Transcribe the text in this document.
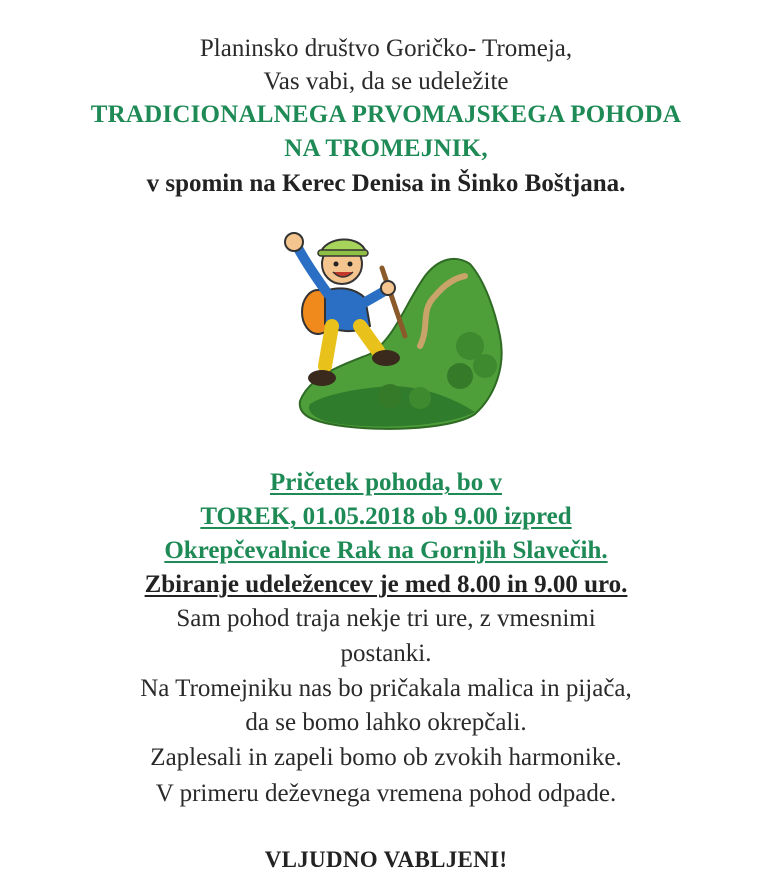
Planinsko društvo Goričko- Tromeja,
Vas vabi, da se udeležite
TRADICIONALNEGA PRVOMAJSKEGA POHODA
NA TROMEJNIK,
v spomin na Kerec Denisa in Šinko Boštjana.
Pričetek pohoda, bo v
TOREK, 01.05.2018 ob 9.00 izpred
Okrepčevalnice Rak na Gornjih Slavečih.
Zbiranje udeležencev je med 8.00 in 9.00 uro.
Sam pohod traja nekje tri ure, z vmesnimi
postanki.
Na Tromejniku nas bo pričakala malica in pijača,
da se bomo lahko okrepčali.
Zaplesali in zapeli bomo ob zvokih harmonike.
V primeru deževnega vremena pohod odpade.
VLJUDNO VABLJENI!
